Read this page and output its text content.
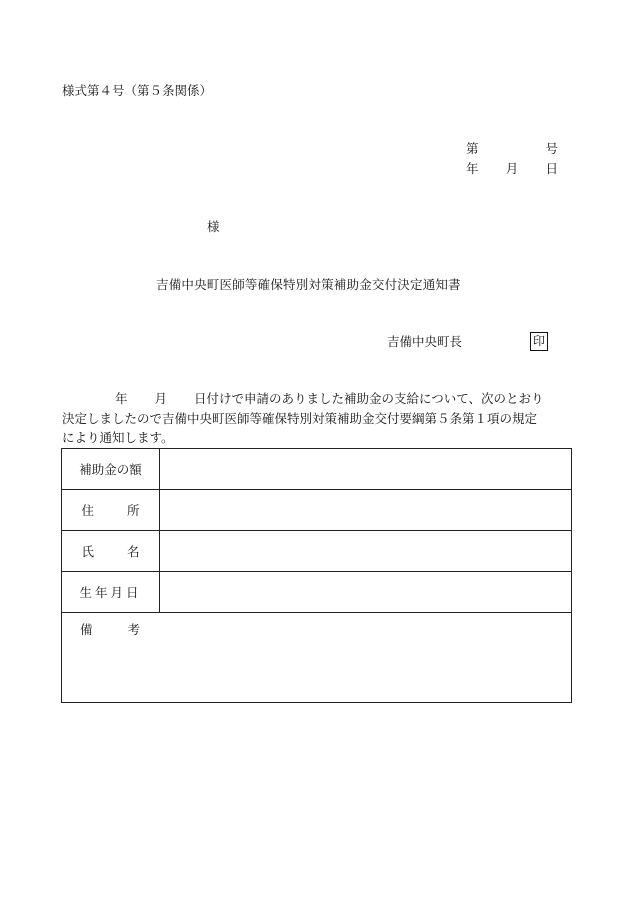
様式第４号（第５条関係）
第	号
年 月 日
様
吉備中央町医師等確保特別対策補助金交付決定通知書
吉備中央町長	印
年 月 日付けで申請のありました補助金の支給について、次のとおり
決定しましたので吉備中央町医師等確保特別対策補助金交付要綱第５条第１項の規定
により通知します。
補助金の額
住	所
氏	名
生年月日
備	考
